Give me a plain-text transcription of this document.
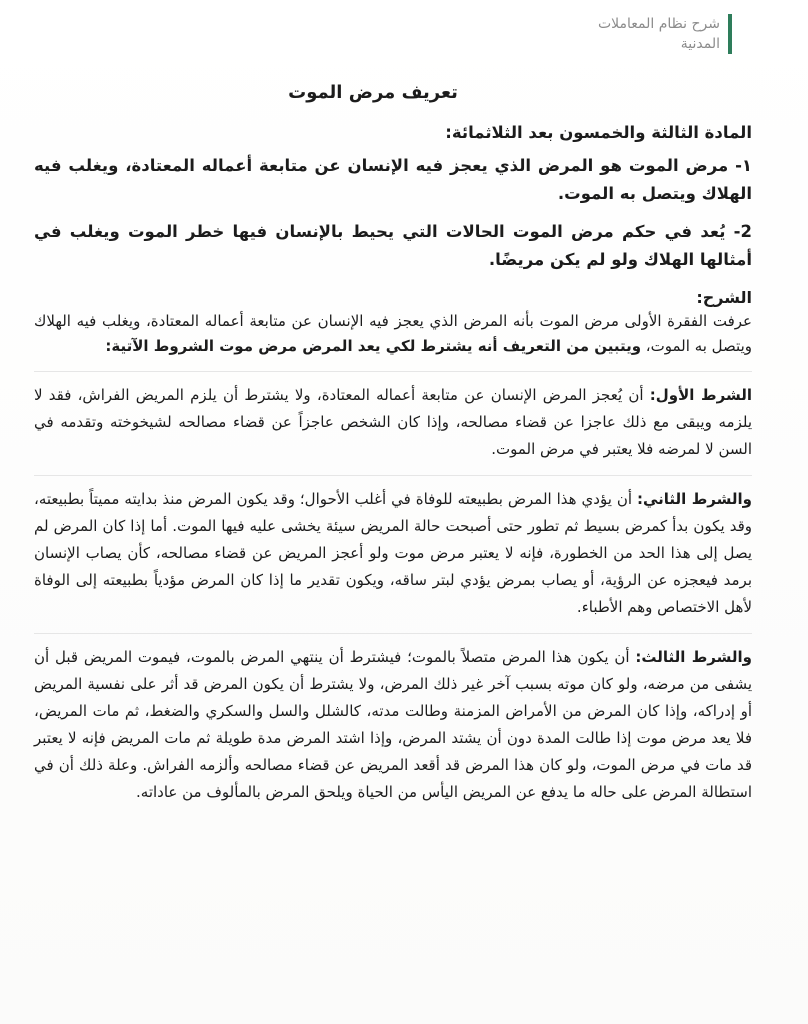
شرح نظام المعاملات
المدنية
تعريف مرض الموت

المادة الثالثة والخمسون بعد الثلاثمائة:

١- مرض الموت هو المرض الذي يعجز فيه الإنسان عن متابعة أعماله المعتادة، ويغلب فيه الهلاك ويتصل به الموت.

2- يُعد في حكم مرض الموت الحالات التي يحيط بالإنسان فيها خطر الموت ويغلب في أمثالها الهلاك ولو لم يكن مريضًا.

الشرح:

عرفت الفقرة الأولى مرض الموت بأنه المرض الذي يعجز فيه الإنسان عن متابعة أعماله المعتادة، ويغلب فيه الهلاك ويتصل به الموت، ويتبين من التعريف أنه يشترط لكي يعد المرض مرض موت الشروط الآتية:

الشرط الأول: أن يُعجز المرض الإنسان عن متابعة أعماله المعتادة، ولا يشترط أن يلزم المريض الفراش، فقد لا يلزمه ويبقى مع ذلك عاجزا عن قضاء مصالحه، وإذا كان الشخص عاجزاً عن قضاء مصالحه لشيخوخته وتقدمه في السن لا لمرضه فلا يعتبر في مرض الموت.

والشرط الثاني: أن يؤدي هذا المرض بطبيعته للوفاة في أغلب الأحوال؛ وقد يكون المرض منذ بدايته مميتاً بطبيعته، وقد يكون بدأ كمرض بسيط ثم تطور حتى أصبحت حالة المريض سيئة يخشى عليه فيها الموت. أما إذا كان المرض لم يصل إلى هذا الحد من الخطورة، فإنه لا يعتبر مرض موت ولو أعجز المريض عن قضاء مصالحه، كأن يصاب الإنسان برمد فيعجزه عن الرؤية، أو يصاب بمرض يؤدي لبتر ساقه، ويكون تقدير ما إذا كان المرض مؤدياً بطبيعته إلى الوفاة لأهل الاختصاص وهم الأطباء.

والشرط الثالث: أن يكون هذا المرض متصلاً بالموت؛ فيشترط أن ينتهي المرض بالموت، فيموت المريض قبل أن يشفى من مرضه، ولو كان موته بسبب آخر غير ذلك المرض، ولا يشترط أن يكون المرض قد أثر على نفسية المريض أو إدراكه، وإذا كان المرض من الأمراض المزمنة وطالت مدته، كالشلل والسل والسكري والضغط، ثم مات المريض، فلا يعد مرض موت إذا طالت المدة دون أن يشتد المرض، وإذا اشتد المرض مدة طويلة ثم مات المريض فإنه لا يعتبر قد مات في مرض الموت، ولو كان هذا المرض قد أقعد المريض عن قضاء مصالحه وألزمه الفراش. وعلة ذلك أن في استطالة المرض على حاله ما يدفع عن المريض اليأس من الحياة ويلحق المرض بالمألوف من عاداته.
